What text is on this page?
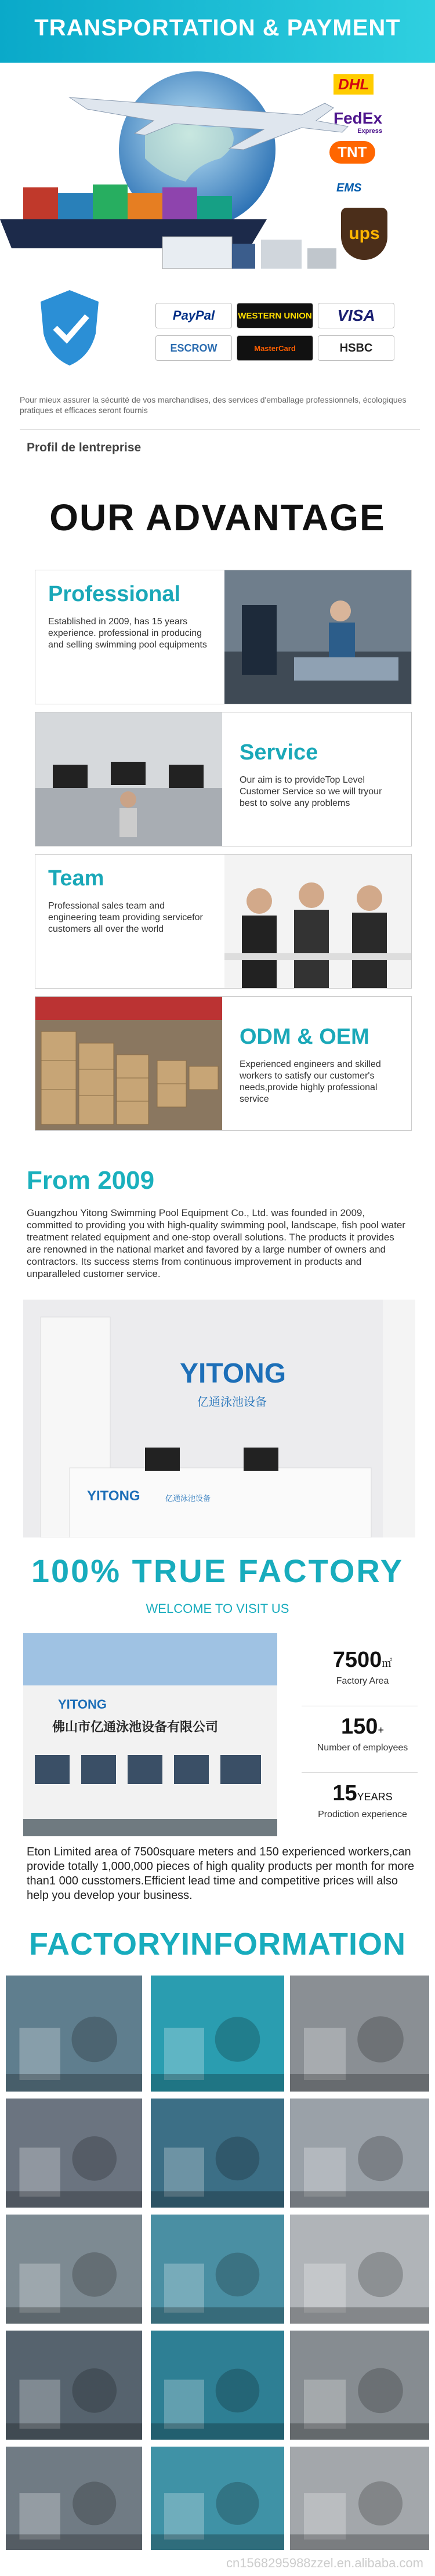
TRANSPORTATION & PAYMENT
DHL
FedEx
Express
TNT
EMS
ups
PayPal	WESTERN UNION	VISA
ESCROW	MasterCard	HSBC
Pour mieux assurer la sécurité de vos marchandises, des services d'emballage professionnels, écologiques pratiques et efficaces seront fournis
Profil de lentreprise
OUR ADVANTAGE
Professional
Established in 2009, has 15 years experience. professional in producing and selling swimming pool equipments
Service
Our aim is to provideTop Level Customer Service so we will tryour best to solve any problems
Team
Professional sales team and engineering team providing servicefor customers all over the world
ODM & OEM
Experienced engineers and skilled workers to satisfy our customer's needs,provide highly professional service
From 2009
Guangzhou Yitong Swimming Pool Equipment Co., Ltd. was founded in 2009, committed to providing you with high-quality swimming pool, landscape, fish pool water treatment related equipment and one-stop overall solutions. The products it provides are renowned in the national market and favored by a large number of owners and contractors. Its success stems from continuous improvement in products and unparalleled customer service.
YITONG
亿通泳池设备
YITONG	亿通泳池设备
100% TRUE FACTORY
WELCOME TO VISIT US
YITONG
佛山市亿通泳池设备有限公司
7500㎡
Factory Area
150+
Number of employees
15YEARS
Prodiction experience
Eton Limited area of 7500square meters and 150 experienced workers,can provide totally 1,000,000 pieces of high quality products per month for more than1 000 cusstomers.Efficient lead time and competitive prices will also help you develop your business.
FACTORYINFORMATION
cn1568295988zzel.en.alibaba.com
